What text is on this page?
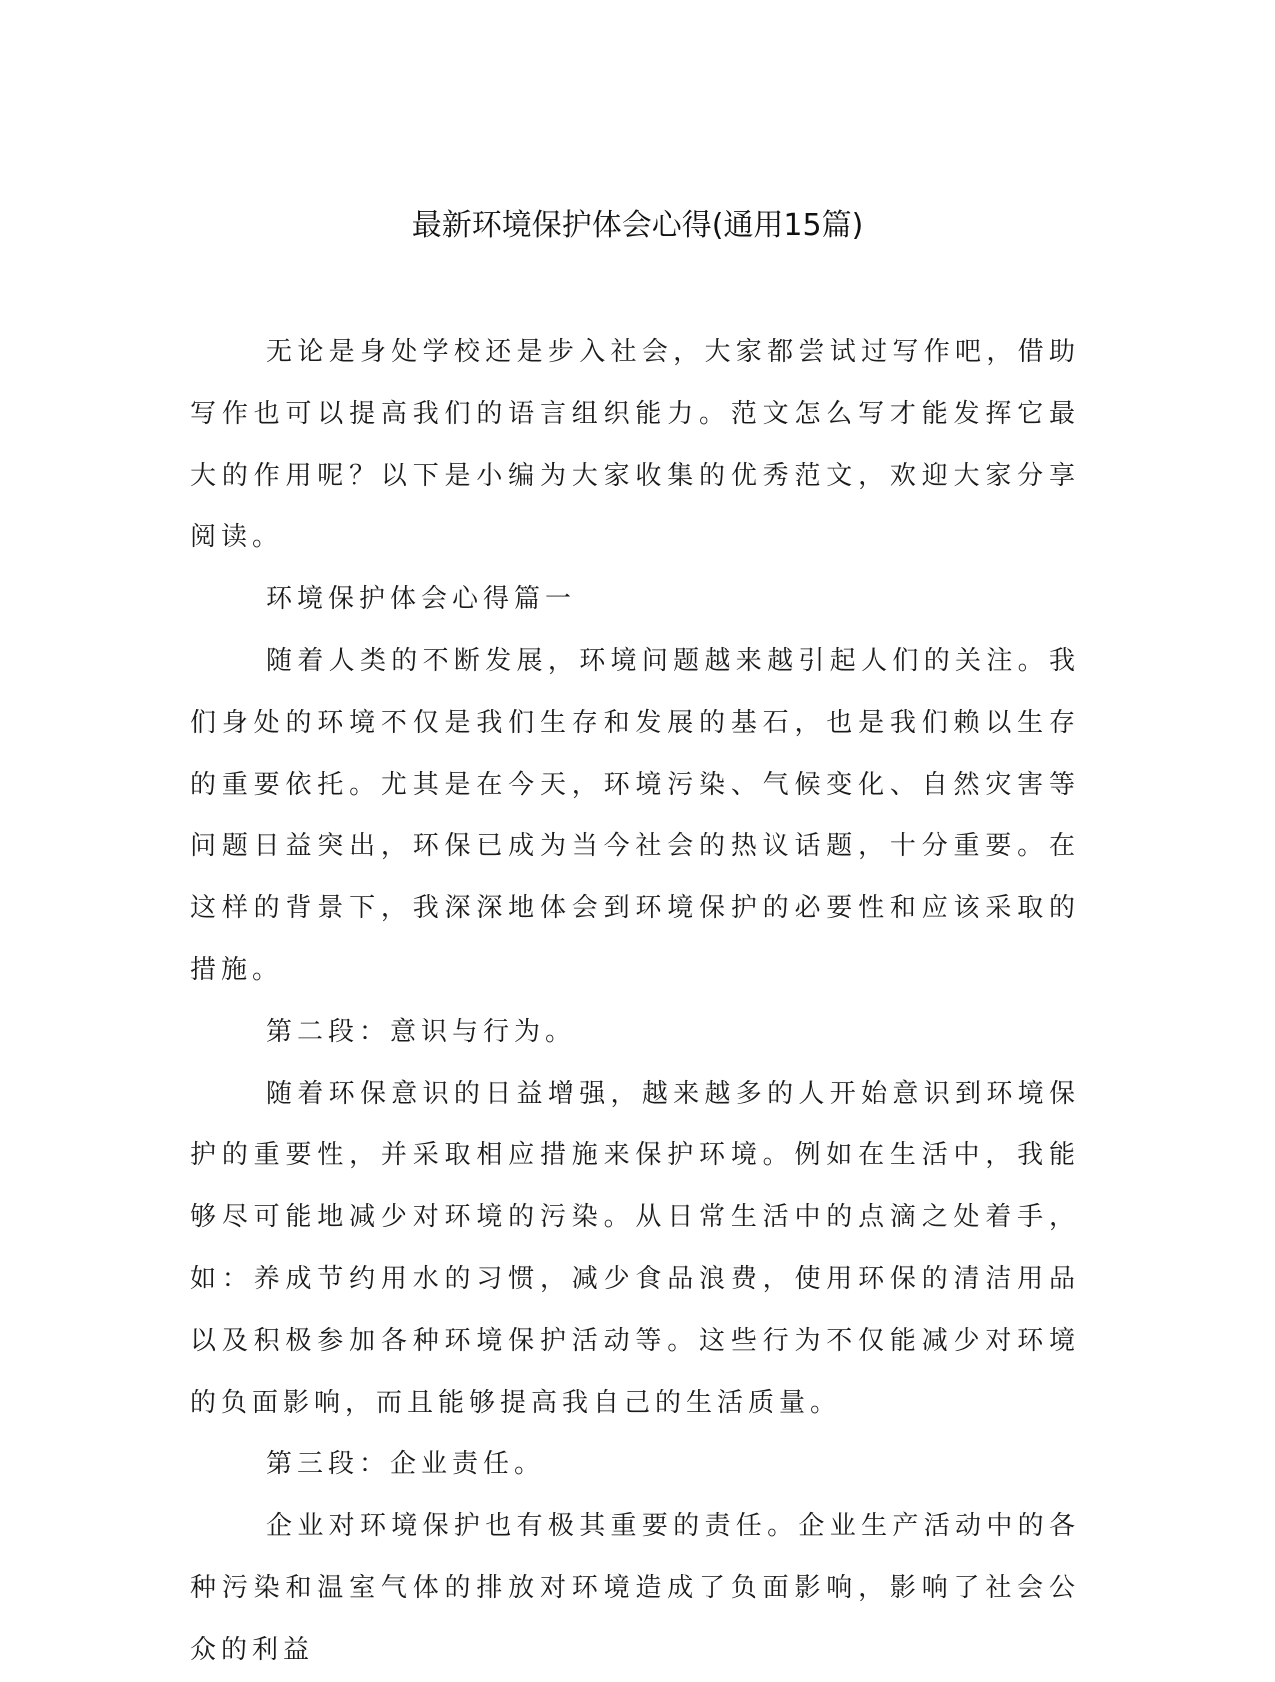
最新环境保护体会心得(通用15篇)

无论是身处学校还是步入社会，大家都尝试过写作吧，借助写作也可以提高我们的语言组织能力。范文怎么写才能发挥它最大的作用呢？以下是小编为大家收集的优秀范文，欢迎大家分享阅读。

环境保护体会心得篇一

随着人类的不断发展，环境问题越来越引起人们的关注。我们身处的环境不仅是我们生存和发展的基石，也是我们赖以生存的重要依托。尤其是在今天，环境污染、气候变化、自然灾害等问题日益突出，环保已成为当今社会的热议话题，十分重要。在这样的背景下，我深深地体会到环境保护的必要性和应该采取的措施。

第二段：意识与行为。

随着环保意识的日益增强，越来越多的人开始意识到环境保护的重要性，并采取相应措施来保护环境。例如在生活中，我能够尽可能地减少对环境的污染。从日常生活中的点滴之处着手，如：养成节约用水的习惯，减少食品浪费，使用环保的清洁用品以及积极参加各种环境保护活动等。这些行为不仅能减少对环境的负面影响，而且能够提高我自己的生活质量。

第三段：企业责任。

企业对环境保护也有极其重要的责任。企业生产活动中的各种污染和温室气体的排放对环境造成了负面影响，影响了社会公众的利益
